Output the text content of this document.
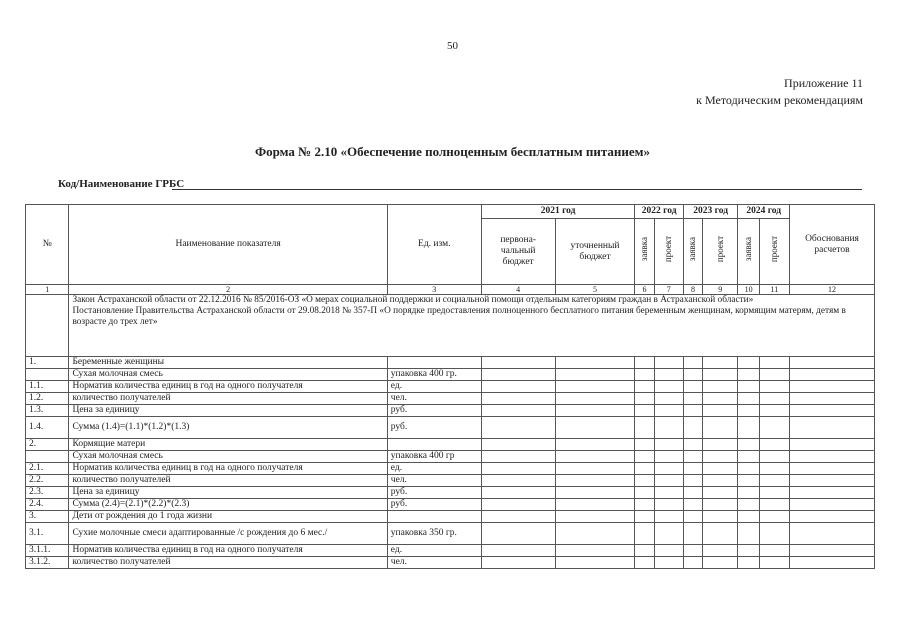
50
Приложение 11
к Методическим рекомендациям
Форма № 2.10 «Обеспечение полноценным бесплатным питанием»
Код/Наименование ГРБС
№	Наименование показателя	Ед. изм.	2021 год		2022 год		2023 год		2024 год		Обоснования расчетов
			первона-чальный бюджет	уточненный бюджет	заявка	проект	заявка	проект	заявка	проект	
1	2	3	4	5	6	7	8	9	10	11	12

	Закон Астраханской области от 22.12.2016 № 85/2016-ОЗ «О мерах социальной поддержки и социальной помощи отдельным категориям граждан в Астраханской области»
Постановление Правительства Астраханской области от 29.08.2018 № 357-П «О порядке предоставления полноценного бесплатного питания беременным женщинам, кормящим матерям, детям в возрасте до трех лет»										

1.	Беременные женщины										
	Сухая молочная смесь	упаковка 400 гр.									
1.1.	Норматив количества единиц в год на одного получателя	ед.									
1.2.	количество получателей	чел.									
1.3.	Цена за единицу	руб.									
1.4.	Сумма (1.4)=(1.1)*(1.2)*(1.3)	руб.									
2.	Кормящие матери										
	Сухая молочная смесь	упаковка 400 гр									
2.1.	Норматив количества единиц в год на одного получателя	ед.									
2.2.	количество получателей	чел.									
2.3.	Цена за единицу	руб.									
2.4.	Сумма (2.4)=(2.1)*(2.2)*(2.3)	руб.									
3.	Дети от рождения до 1 года жизни										
3.1.	Сухие молочные смеси адаптированные /с рождения до 6 мес./	упаковка 350 гр.									
3.1.1.	Норматив количества единиц в год на одного получателя	ед.									
3.1.2.	количество получателей	чел.									
